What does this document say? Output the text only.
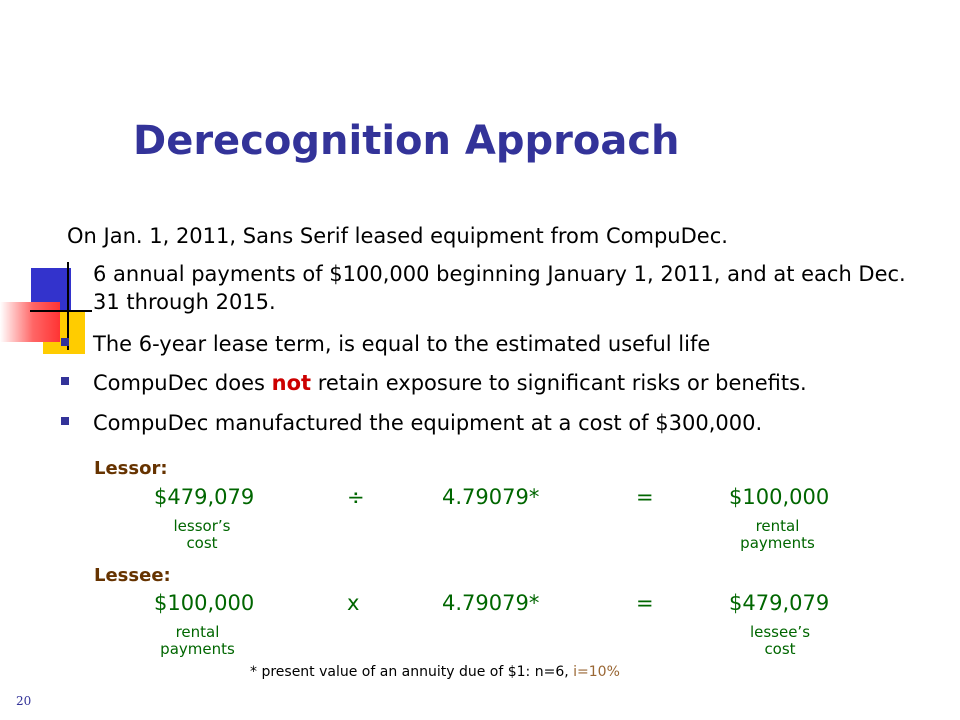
Derecognition Approach
On Jan. 1, 2011, Sans Serif leased equipment from CompuDec.
6 annual payments of $100,000 beginning January 1, 2011, and at each Dec. 31 through 2015.
The 6-year lease term, is equal to the estimated useful life
CompuDec does not retain exposure to significant risks or benefits.
CompuDec manufactured the equipment at a cost of $300,000.
Lessor:
$479,079	÷	4.79079*	=	$100,000
lessor’s
cost
rental
payments
Lessee:
$100,000	x	4.79079*	=	$479,079
rental
payments
lessee’s
cost
* present value of an annuity due of $1: n=6, i=10%
20
